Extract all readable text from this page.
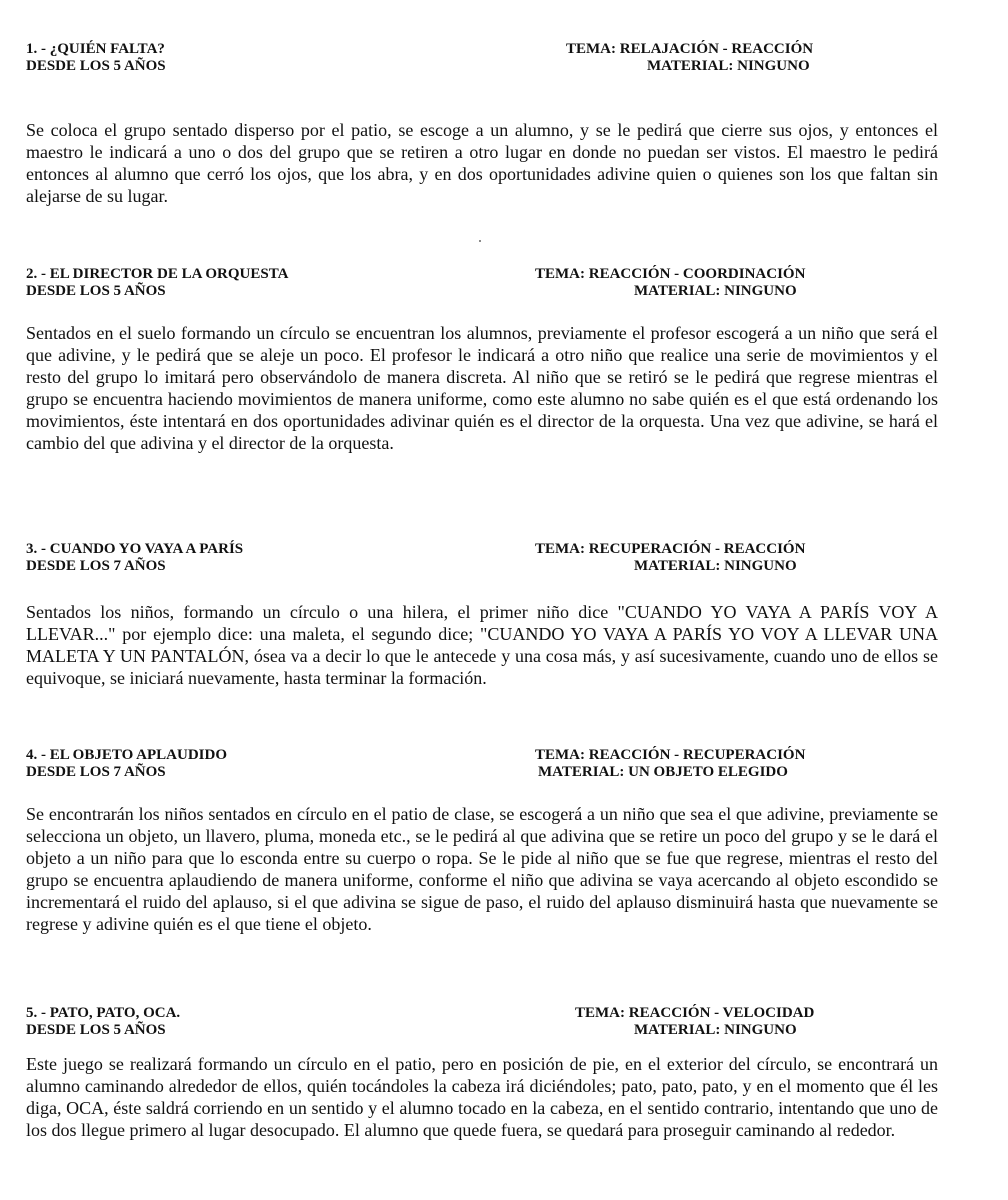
1. - ¿QUIÉN FALTA?	TEMA: RELAJACIÓN - REACCIÓN
DESDE LOS 5 AÑOS	MATERIAL: NINGUNO

Se coloca el grupo sentado disperso por el patio, se escoge a un alumno, y se le pedirá que cierre sus ojos, y entonces el maestro le indicará a uno o dos del grupo que se retiren a otro lugar en donde no puedan ser vistos. El maestro le pedirá entonces al alumno que cerró los ojos, que los abra, y en dos oportunidades adivine quien o quienes son los que faltan sin alejarse de su lugar.

2. - EL DIRECTOR DE LA ORQUESTA	TEMA: REACCIÓN - COORDINACIÓN
DESDE LOS 5 AÑOS	MATERIAL: NINGUNO

Sentados en el suelo formando un círculo se encuentran los alumnos, previamente el profesor escogerá a un niño que será el que adivine, y le pedirá que se aleje un poco. El profesor le indicará a otro niño que realice una serie de movimientos y el resto del grupo lo imitará pero observándolo de manera discreta. Al niño que se retiró se le pedirá que regrese mientras el grupo se encuentra haciendo movimientos de manera uniforme, como este alumno no sabe quién es el que está ordenando los movimientos, éste intentará en dos oportunidades adivinar quién es el director de la orquesta. Una vez que adivine, se hará el cambio del que adivina y el director de la orquesta.

3. - CUANDO YO VAYA A PARÍS	TEMA: RECUPERACIÓN - REACCIÓN
DESDE LOS 7 AÑOS	MATERIAL: NINGUNO

Sentados los niños, formando un círculo o una hilera, el primer niño dice "CUANDO YO VAYA A PARÍS VOY A LLEVAR..." por ejemplo dice: una maleta, el segundo dice; "CUANDO YO VAYA A PARÍS YO VOY A LLEVAR UNA MALETA Y UN PANTALÓN, ósea va a decir lo que le antecede y una cosa más, y así sucesivamente, cuando uno de ellos se equivoque, se iniciará nuevamente, hasta terminar la formación.

4. - EL OBJETO APLAUDIDO	TEMA: REACCIÓN - RECUPERACIÓN
DESDE LOS 7 AÑOS	MATERIAL: UN OBJETO ELEGIDO

Se encontrarán los niños sentados en círculo en el patio de clase, se escogerá a un niño que sea el que adivine, previamente se selecciona un objeto, un llavero, pluma, moneda etc., se le pedirá al que adivina que se retire un poco del grupo y se le dará el objeto a un niño para que lo esconda entre su cuerpo o ropa. Se le pide al niño que se fue que regrese, mientras el resto del grupo se encuentra aplaudiendo de manera uniforme, conforme el niño que adivina se vaya acercando al objeto escondido se incrementará el ruido del aplauso, si el que adivina se sigue de paso, el ruido del aplauso disminuirá hasta que nuevamente se regrese y adivine quién es el que tiene el objeto.

5. - PATO, PATO, OCA.	TEMA: REACCIÓN - VELOCIDAD
DESDE LOS 5 AÑOS	MATERIAL: NINGUNO

Este juego se realizará formando un círculo en el patio, pero en posición de pie, en el exterior del círculo, se encontrará un alumno caminando alrededor de ellos, quién tocándoles la cabeza irá diciéndoles; pato, pato, pato, y en el momento que él les diga, OCA, éste saldrá corriendo en un sentido y el alumno tocado en la cabeza, en el sentido contrario, intentando que uno de los dos llegue primero al lugar desocupado. El alumno que quede fuera, se quedará para proseguir caminando al rededor.
